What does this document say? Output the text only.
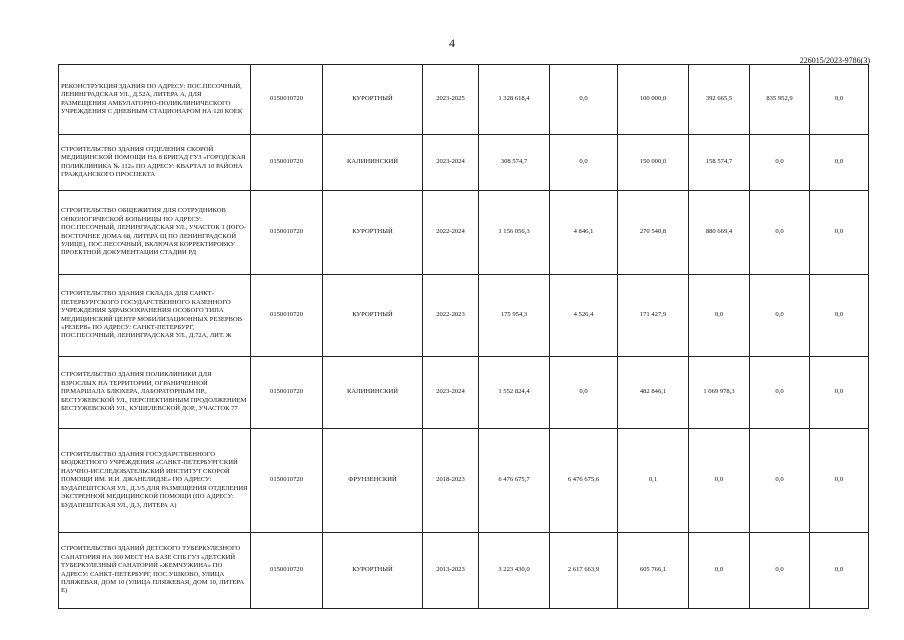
4
226015/2023-9786(3)
РЕКОНСТРУКЦИЯ ЗДАНИЯ ПО АДРЕСУ: ПОС.ПЕСОЧНЫЙ, ЛЕНИНГРАДСКАЯ УЛ., Д.52А, ЛИТЕРА А, ДЛЯ РАЗМЕЩЕНИЯ АМБУЛАТОРНО-ПОЛИКЛИНИЧЕСКОГО УЧРЕЖДЕНИЯ С ДНЕВНЫМ СТАЦИОНАРОМ НА 120 КОЕК	0150010720	КУРОРТНЫЙ	2023-2025	1 328 618,4	0,0	100 000,0	392 665,5	835 952,9	0,0
СТРОИТЕЛЬСТВО ЗДАНИЯ ОТДЕЛЕНИЯ СКОРОЙ МЕДИЦИНСКОЙ ПОМОЩИ НА 8 БРИГАД ГУЗ «ГОРОДСКАЯ ПОЛИКЛИНИКА № 112» ПО АДРЕСУ: КВАРТАЛ 10 РАЙОНА ГРАЖДАНСКОГО ПРОСПЕКТА	0150010720	КАЛИНИНСКИЙ	2023-2024	308 574,7	0,0	150 000,0	158 574,7	0,0	0,0
СТРОИТЕЛЬСТВО ОБЩЕЖИТИЯ ДЛЯ СОТРУДНИКОВ ОНКОЛОГИЧЕСКОЙ БОЛЬНИЦЫ ПО АДРЕСУ: ПОС.ПЕСОЧНЫЙ, ЛЕНИНГРАДСКАЯ УЛ., УЧАСТОК 1 (ЮГО-ВОСТОЧНЕЕ ДОМА 68, ЛИТЕРА Щ ПО ЛЕНИНГРАДСКОЙ УЛИЦЕ), ПОС.ПЕСОЧНЫЙ, ВКЛЮЧАЯ КОРРЕКТИРОВКУ ПРОЕКТНОЙ ДОКУМЕНТАЦИИ СТАДИИ РД	0150010720	КУРОРТНЫЙ	2022-2024	1 156 056,3	4 846,1	270 540,8	880 669,4	0,0	0,0
СТРОИТЕЛЬСТВО ЗДАНИЯ СКЛАДА ДЛЯ САНКТ-ПЕТЕРБУРГСКОГО ГОСУДАРСТВЕННОГО КАЗЕННОГО УЧРЕЖДЕНИЯ ЗДРАВООХРАНЕНИЯ ОСОБОГО ТИПА МЕДИЦИНСКИЙ ЦЕНТР МОБИЛИЗАЦИОННЫХ РЕЗЕРВОВ «РЕЗЕРВ» ПО АДРЕСУ: САНКТ-ПЕТЕРБУРГ, ПОС.ПЕСОЧНЫЙ, ЛЕНИНГРАДСКАЯ УЛ., Д.72А, ЛИТ. Ж	0150010720	КУРОРТНЫЙ	2022-2023	175 954,3	4 526,4	171 427,9	0,0	0,0	0,0
СТРОИТЕЛЬСТВО ЗДАНИЯ ПОЛИКЛИНИКИ ДЛЯ ВЗРОСЛЫХ НА ТЕРРИТОРИИ, ОГРАНИЧЕННОЙ ПР.МАРШАЛА БЛЮХЕРА, ЛАБОРАТОРНЫМ ПР., БЕСТУЖЕВСКОЙ УЛ., ПЕРСПЕКТИВНЫМ ПРОДОЛЖЕНИЕМ БЕСТУЖЕВСКОЙ УЛ., КУШЕЛЕВСКОЙ ДОР., УЧАСТОК 77	0150010720	КАЛИНИНСКИЙ	2023-2024	1 552 824,4	0,0	482 846,1	1 069 978,3	0,0	0,0
СТРОИТЕЛЬСТВО ЗДАНИЯ ГОСУДАРСТВЕННОГО БЮДЖЕТНОГО УЧРЕЖДЕНИЯ «САНКТ-ПЕТЕРБУРГСКИЙ НАУЧНО-ИССЛЕДОВАТЕЛЬСКИЙ ИНСТИТУТ СКОРОЙ ПОМОЩИ ИМ. И.И. ДЖАНЕЛИДЗЕ» ПО АДРЕСУ: БУДАПЕШТСКАЯ УЛ., Д.3/5 ДЛЯ РАЗМЕЩЕНИЯ ОТДЕЛЕНИЯ ЭКСТРЕННОЙ МЕДИЦИНСКОЙ ПОМОЩИ (ПО АДРЕСУ: БУДАПЕШТСКАЯ УЛ., Д.3, ЛИТЕРА А)	0150010720	ФРУНЗЕНСКИЙ	2018-2023	6 476 675,7	6 476 675,6	0,1	0,0	0,0	0,0
СТРОИТЕЛЬСТВО ЗДАНИЙ ДЕТСКОГО ТУБЕРКУЛЕЗНОГО САНАТОРИЯ НА 300 МЕСТ НА БАЗЕ СПБ ГУЗ «ДЕТСКИЙ ТУБЕРКУЛЕЗНЫЙ САНАТОРИЙ «ЖЕМЧУЖИНА» ПО АДРЕСУ: САНКТ-ПЕТЕРБУРГ, ПОС.УШКОВО, УЛИЦА ПЛЯЖЕВАЯ, ДОМ 10 (УЛИЦА ПЛЯЖЕВАЯ, ДОМ 10, ЛИТЕРА Е)	0150010720	КУРОРТНЫЙ	2013-2023	3 223 430,0	2 617 663,9	605 766,1	0,0	0,0	0,0
